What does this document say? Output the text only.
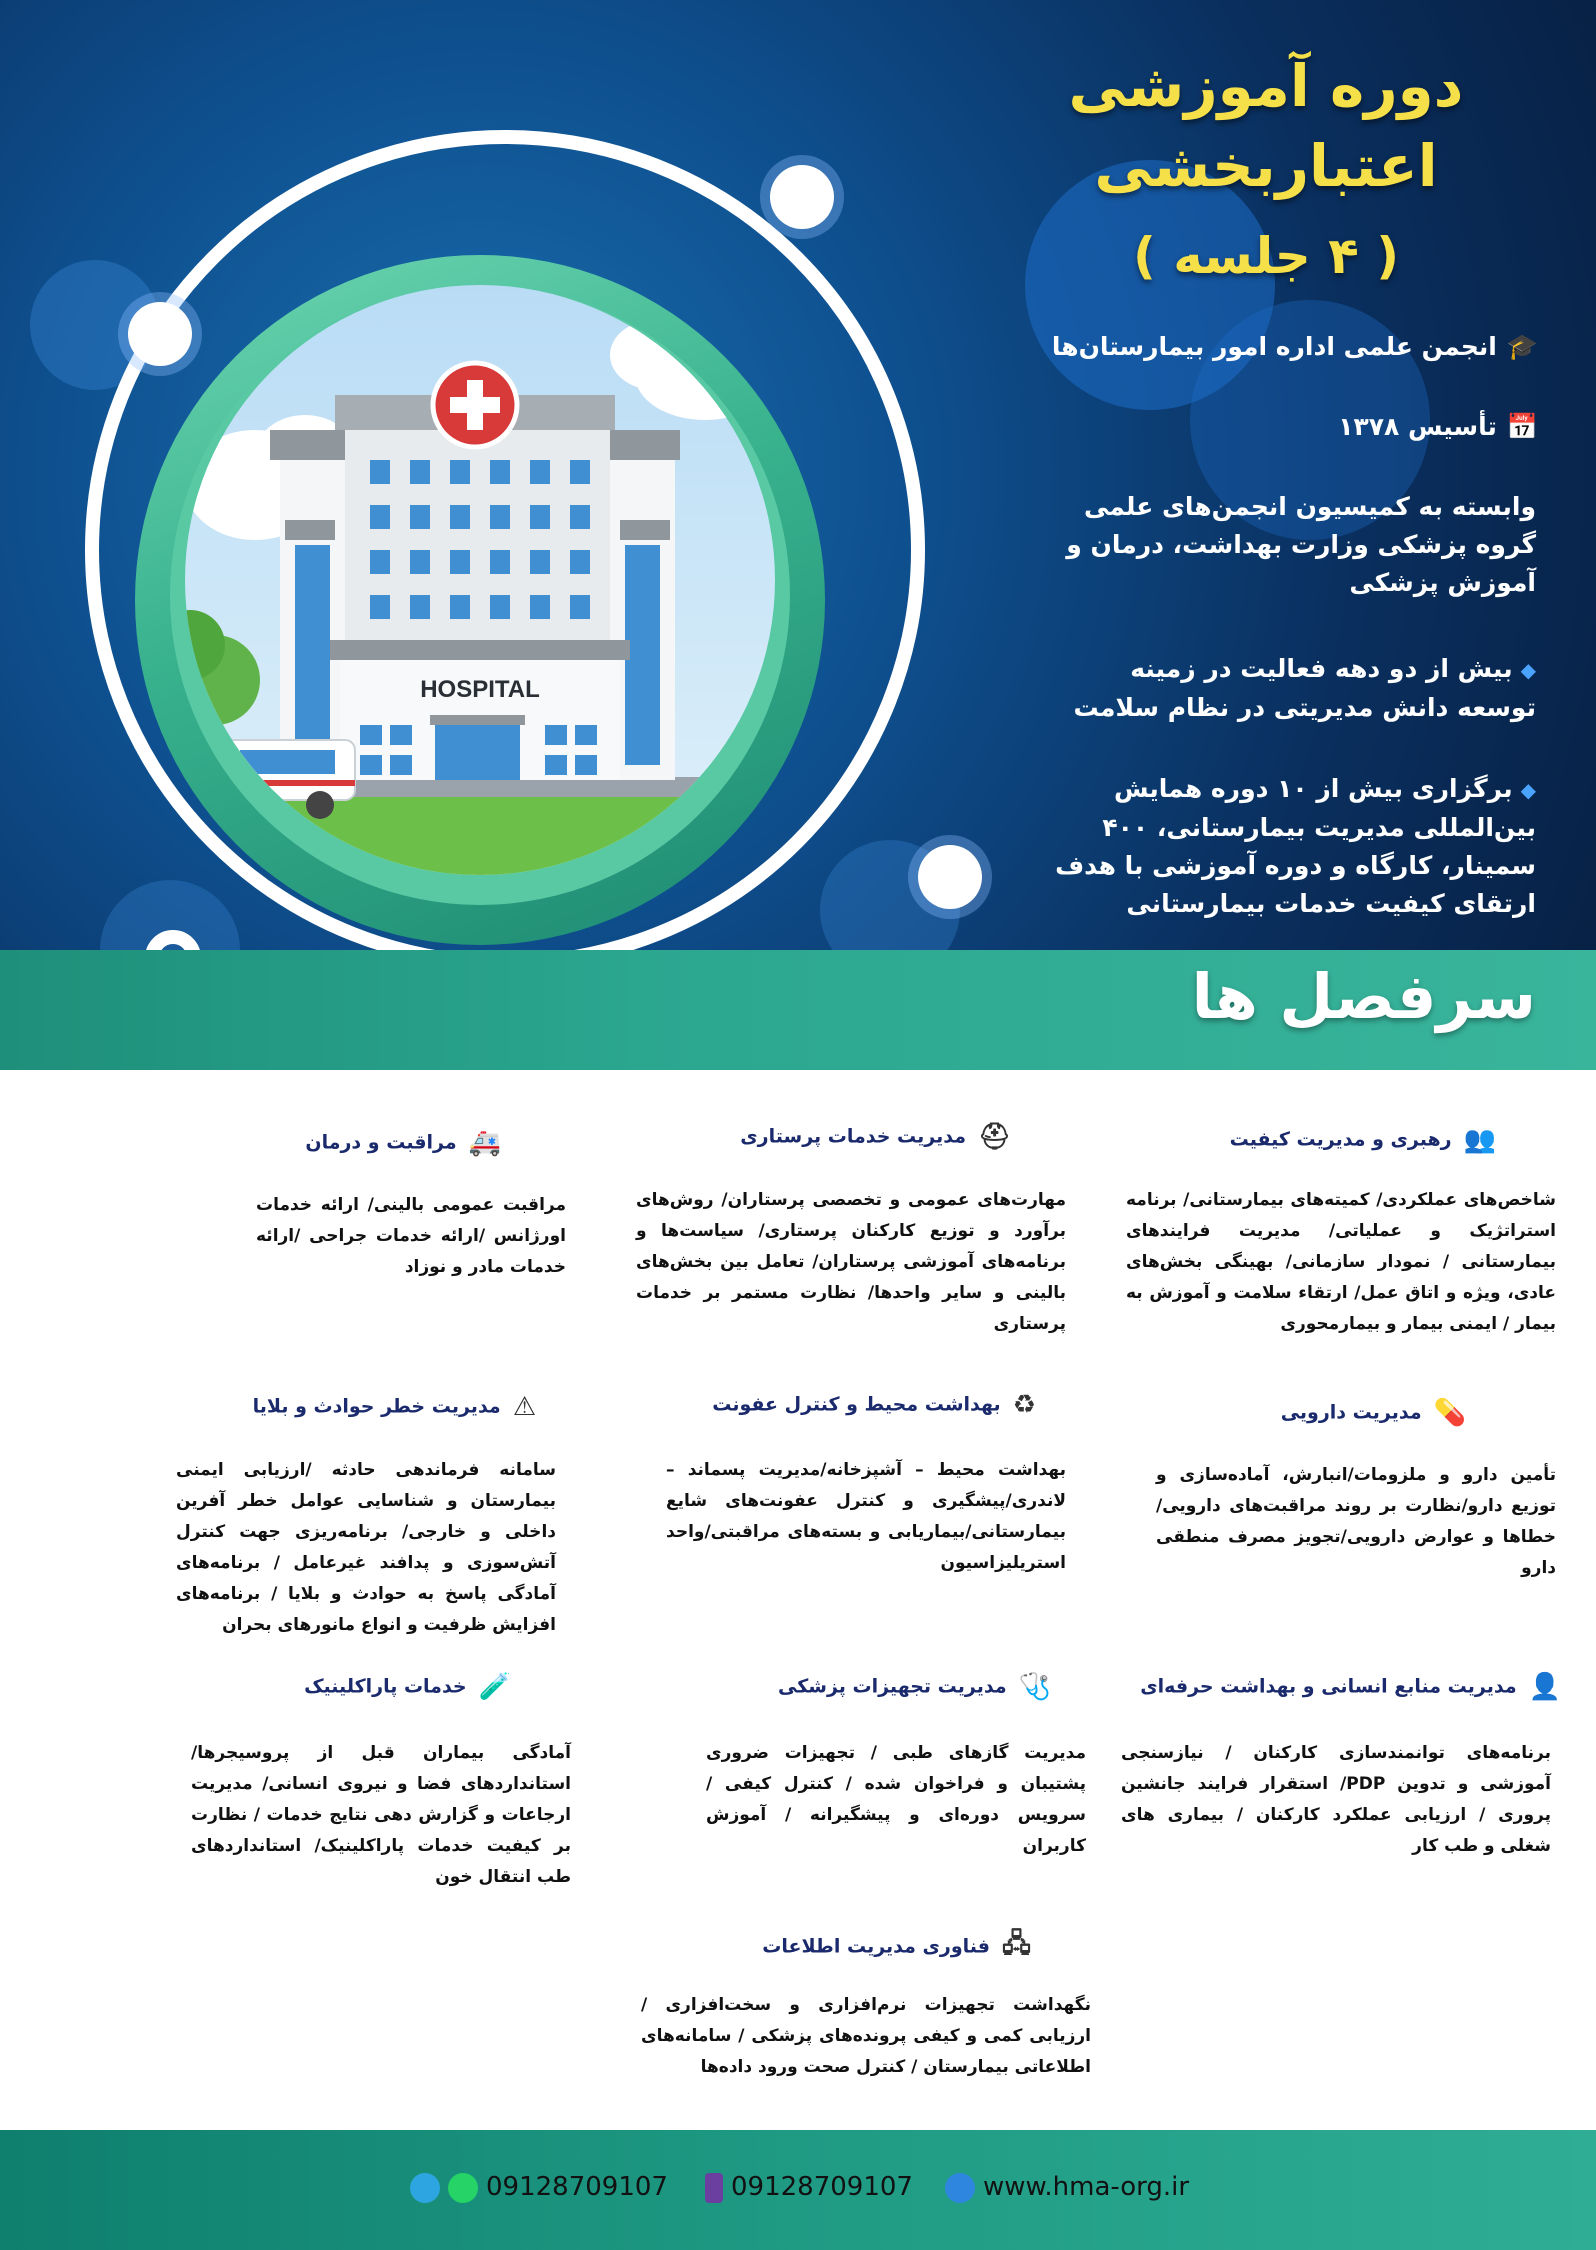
HOSPITAL
دوره آموزشی
اعتباربخشی
( ۴ جلسه )
🎓انجمن علمی اداره امور بیمارستان‌ها
📅تأسیس ۱۳۷۸
وابسته به کمیسیون انجمن‌های علمی گروه پزشکی وزارت بهداشت، درمان و آموزش پزشکی
◆بیش از دو دهه فعالیت در زمینه توسعه دانش مدیریتی در نظام سلامت
◆برگزاری بیش از ۱۰ دوره همایش بین‌المللی مدیریت بیمارستانی، ۴۰۰ سمینار، کارگاه و دوره آموزشی با هدف ارتقای کیفیت خدمات بیمارستانی
سرفصل ها
👥رهبری و مدیریت کیفیت
شاخص‌های عملکردی/ کمیته‌های بیمارستانی/ برنامه استراتژیک و عملیاتی/ مدیریت فرایندهای بیمارستانی / نمودار سازمانی/ بهینگی بخش‌های عادی، ویژه و اتاق عمل/ ارتقاء سلامت و آموزش به بیمار / ایمنی بیمار و بیمارمحوری
⛑مدیریت خدمات پرستاری
مهارت‌های عمومی و تخصصی پرستاران/ روش‌های برآورد و توزیع کارکنان پرستاری/ سیاست‌ها و برنامه‌های آموزشی پرستاران/ تعامل بین بخش‌های بالینی و سایر واحدها/ نظارت مستمر بر خدمات پرستاری
🚑مراقبت و درمان
مراقبت عمومی بالینی/ ارائه خدمات اورژانس /ارائه خدمات جراحی /ارائه خدمات مادر و نوزاد
💊مدیریت دارویی
تأمین دارو و ملزومات/انبارش، آماده‌سازی و توزیع دارو/نظارت بر روند مراقبت‌های دارویی/خطاها و عوارض دارویی/تجویز مصرف منطقی دارو
♻بهداشت محیط و کنترل عفونت
بهداشت محیط – آشپزخانه/مدیریت پسماند – لاندری/پیشگیری و کنترل عفونت‌های شایع بیمارستانی/بیماریابی و بسته‌های مراقبتی/واحد استریلیزاسیون
⚠مدیریت خطر حوادث و بلایا
سامانه فرماندهی حادثه /ارزیابی ایمنی بیمارستان و شناسایی عوامل خطر آفرین داخلی و خارجی/ برنامه‌ریزی جهت کنترل آتش‌سوزی و پدافند غیرعامل / برنامه‌های آمادگی پاسخ به حوادث و بلایا / برنامه‌های افزایش ظرفیت و انواع مانورهای بحران
👤مدیریت منابع انسانی و بهداشت حرفه‌ای
برنامه‌های توانمندسازی کارکنان / نیازسنجی آموزشی و تدوین PDP/ استقرار فرایند جانشین پروری / ارزیابی عملکرد کارکنان / بیماری های شغلی و طب کار
🩺مدیریت تجهیزات پزشکی
مدیریت گازهای طبی / تجهیزات ضروری پشتیبان و فراخوان شده / کنترل کیفی / سرویس دوره‌ای و پیشگیرانه / آموزش کاربران
🧪خدمات پاراکلینیک
آمادگی بیماران قبل از پروسیجرها/ استانداردهای فضا و نیروی انسانی/ مدیریت ارجاعات و گزارش دهی نتایج خدمات / نظارت بر کیفیت خدمات پاراکلینیک/ استانداردهای طب انتقال خون
🖧فناوری مدیریت اطلاعات
نگهداشت تجهیزات نرم‌افزاری و سخت‌افزاری / ارزیابی کمی و کیفی پرونده‌های پزشکی / سامانه‌های اطلاعاتی بیمارستان / کنترل صحت ورود داده‌ها
09128709107	09128709107	www.hma-org.ir
